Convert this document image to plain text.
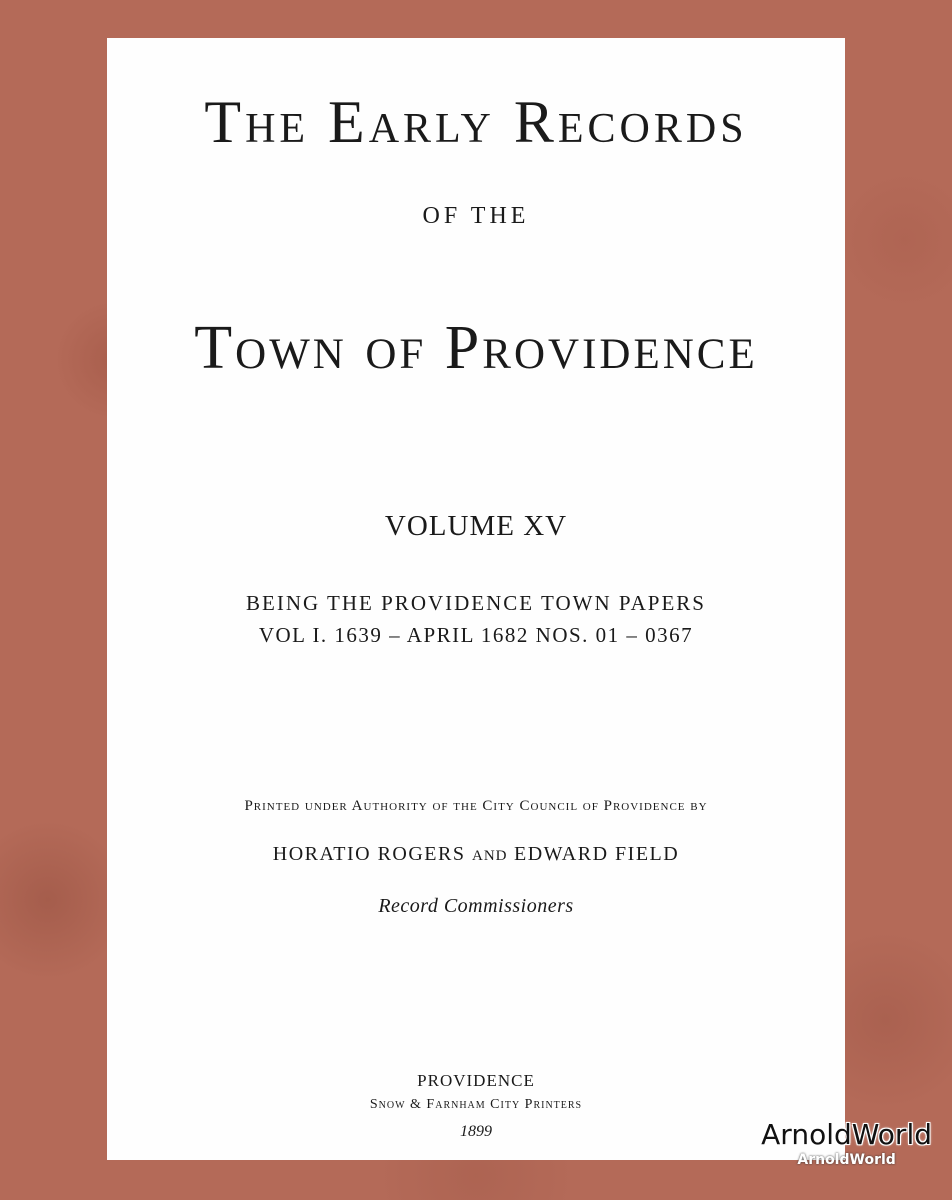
The Early Records

OF THE

Town of Providence

VOLUME XV

BEING THE PROVIDENCE TOWN PAPERS

VOL I. 1639 – APRIL 1682 NOS. 01 – 0367

Printed under Authority of the City Council of Providence by

HORATIO ROGERS AND EDWARD FIELD

Record Commissioners

PROVIDENCE

Snow & Farnham City Printers

1899	ArnoldWorld
ArnoldWorld
